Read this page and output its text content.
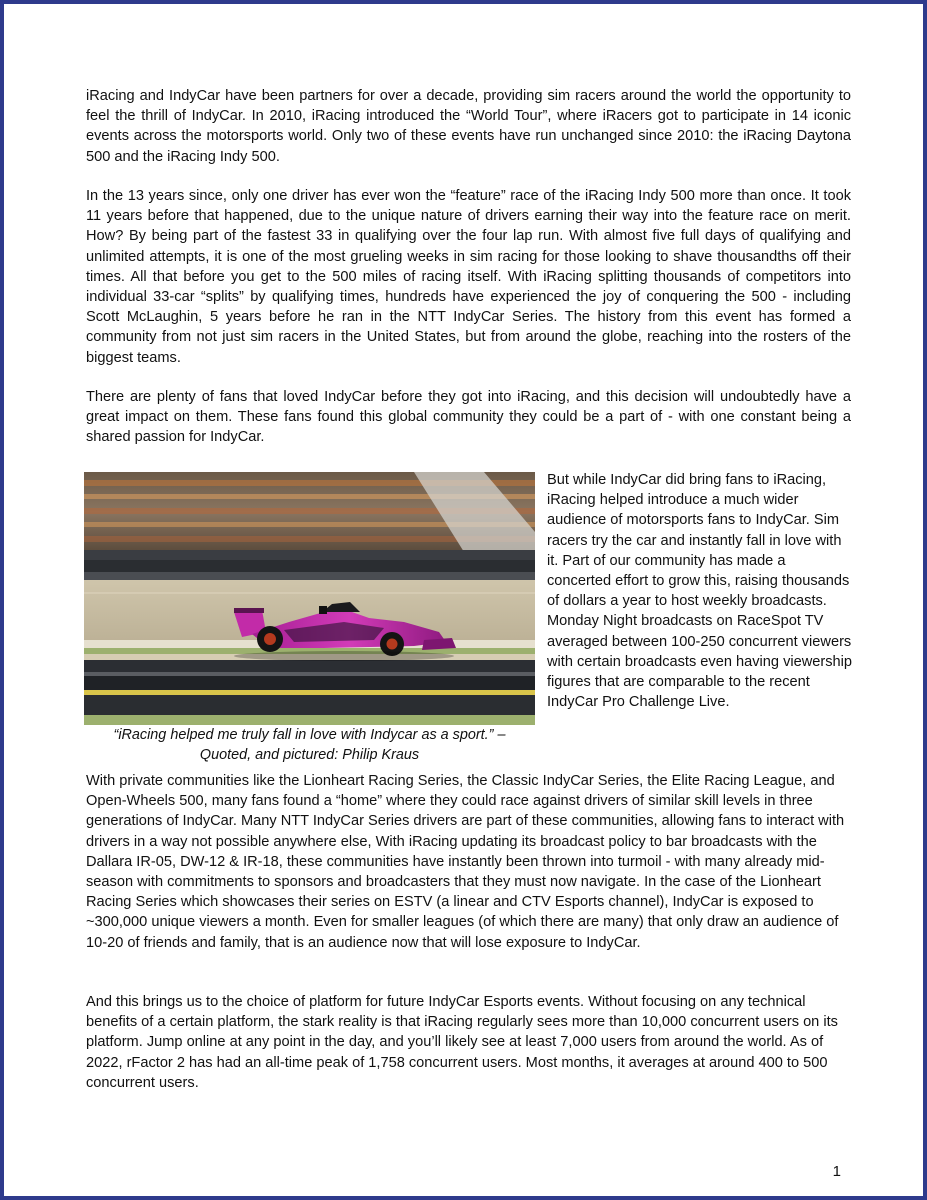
iRacing and IndyCar have been partners for over a decade, providing sim racers around the world the opportunity to feel the thrill of IndyCar. In 2010, iRacing introduced the “World Tour”, where iRacers got to participate in 14 iconic events across the motorsports world. Only two of these events have run unchanged since 2010: the iRacing Daytona 500 and the iRacing Indy 500.

In the 13 years since, only one driver has ever won the “feature” race of the iRacing Indy 500 more than once. It took 11 years before that happened, due to the unique nature of drivers earning their way into the feature race on merit. How? By being part of the fastest 33 in qualifying over the four lap run. With almost five full days of qualifying and unlimited attempts, it is one of the most grueling weeks in sim racing for those looking to shave thousandths off their times. All that before you get to the 500 miles of racing itself. With iRacing splitting thousands of competitors into individual 33-car “splits” by qualifying times, hundreds have experienced the joy of conquering the 500 - including Scott McLaughin, 5 years before he ran in the NTT IndyCar Series. The history from this event has formed a community from not just sim racers in the United States, but from around the globe, reaching into the rosters of the biggest teams.

There are plenty of fans that loved IndyCar before they got into iRacing, and this decision will undoubtedly have a great impact on them. These fans found this global community they could be a part of - with one constant being a shared passion for IndyCar.

But while IndyCar did bring fans to iRacing, iRacing helped introduce a much wider audience of motorsports fans to IndyCar. Sim racers try the car and instantly fall in love with it. Part of our community has made a concerted effort to grow this, raising thousands of dollars a year to host weekly broadcasts. Monday Night broadcasts on RaceSpot TV averaged between 100-250 concurrent viewers with certain broadcasts even having viewership figures that are comparable to the recent IndyCar Pro Challenge Live.

“iRacing helped me truly fall in love with Indycar as a sport.” –
Quoted, and pictured: Philip Kraus

With private communities like the Lionheart Racing Series, the Classic IndyCar Series, the Elite Racing League, and Open-Wheels 500, many fans found a “home” where they could race against drivers of similar skill levels in three generations of IndyCar. Many NTT IndyCar Series drivers are part of these communities, allowing fans to interact with drivers in a way not possible anywhere else, With iRacing updating its broadcast policy to bar broadcasts with the Dallara IR-05, DW-12 & IR-18, these communities have instantly been thrown into turmoil - with many already mid-season with commitments to sponsors and broadcasters that they must now navigate. In the case of the Lionheart Racing Series which showcases their series on ESTV (a linear and CTV Esports channel), IndyCar is exposed to ~300,000 unique viewers a month. Even for smaller leagues (of which there are many) that only draw an audience of 10-20 of friends and family, that is an audience now that will lose exposure to IndyCar.

And this brings us to the choice of platform for future IndyCar Esports events. Without focusing on any technical benefits of a certain platform, the stark reality is that iRacing regularly sees more than 10,000 concurrent users on its platform. Jump online at any point in the day, and you’ll likely see at least 7,000 users from around the world. As of 2022, rFactor 2 has had an all-time peak of 1,758 concurrent users. Most months, it averages at around 400 to 500 concurrent users.

1
